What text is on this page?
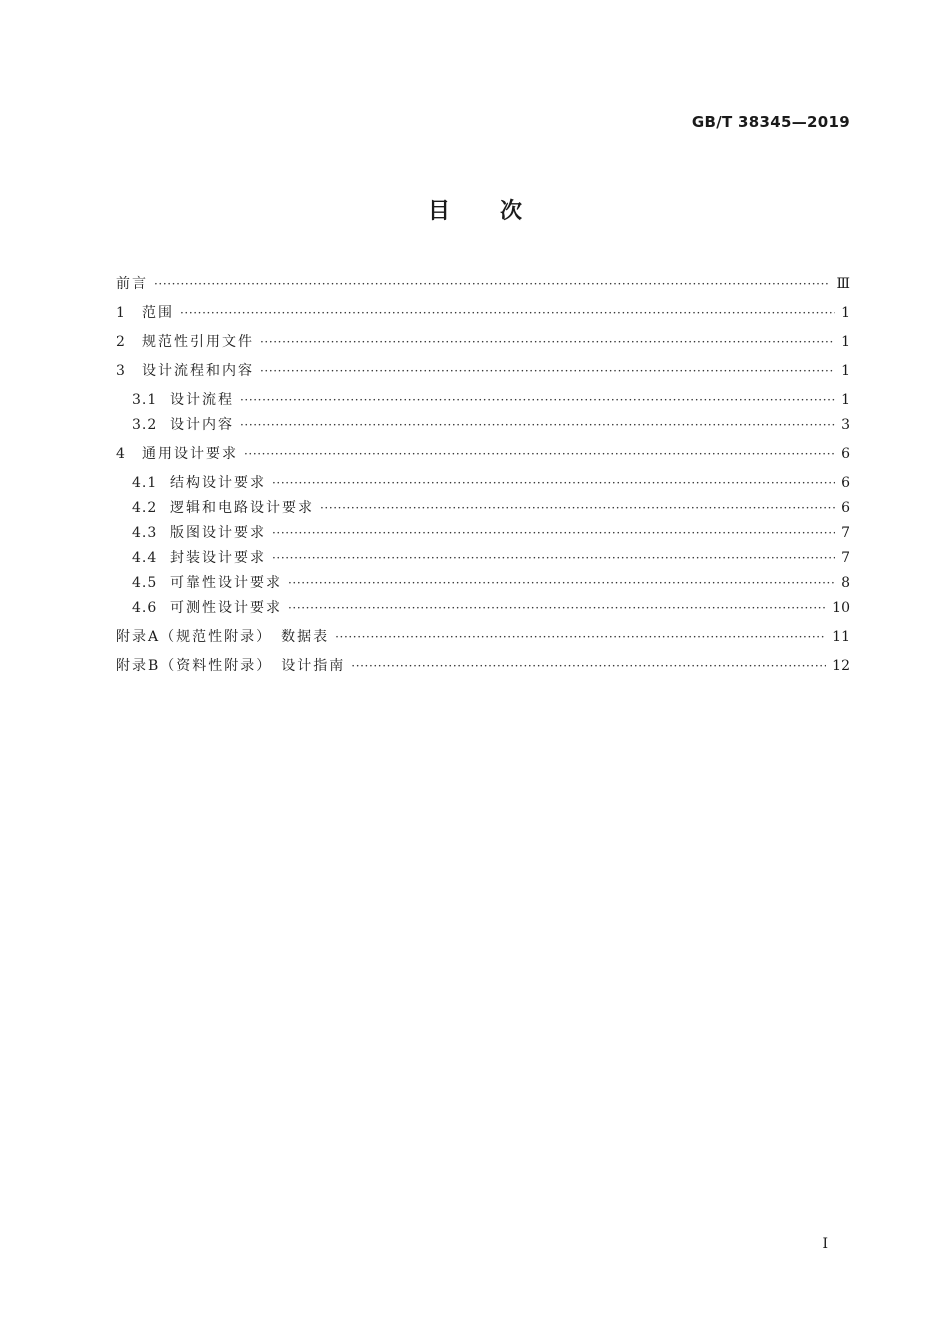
GB/T 38345—2019
目次
前言 ·····	Ⅲ
1	范围 ·····	1
2	规范性引用文件 ·····	1
3	设计流程和内容 ·····	1
3.1 设计流程 ·····	1
3.2 设计内容 ·····	3
4	通用设计要求 ·····	6
4.1 结构设计要求 ·····	6
4.2 逻辑和电路设计要求 ·····	6
4.3 版图设计要求 ·····	7
4.4 封装设计要求 ·····	7
4.5 可靠性设计要求 ·····	8
4.6 可测性设计要求 ·····	10
附录A（规范性附录）　数据表 ·····	11
附录B（资料性附录）　设计指南 ·····	12
Ⅰ
